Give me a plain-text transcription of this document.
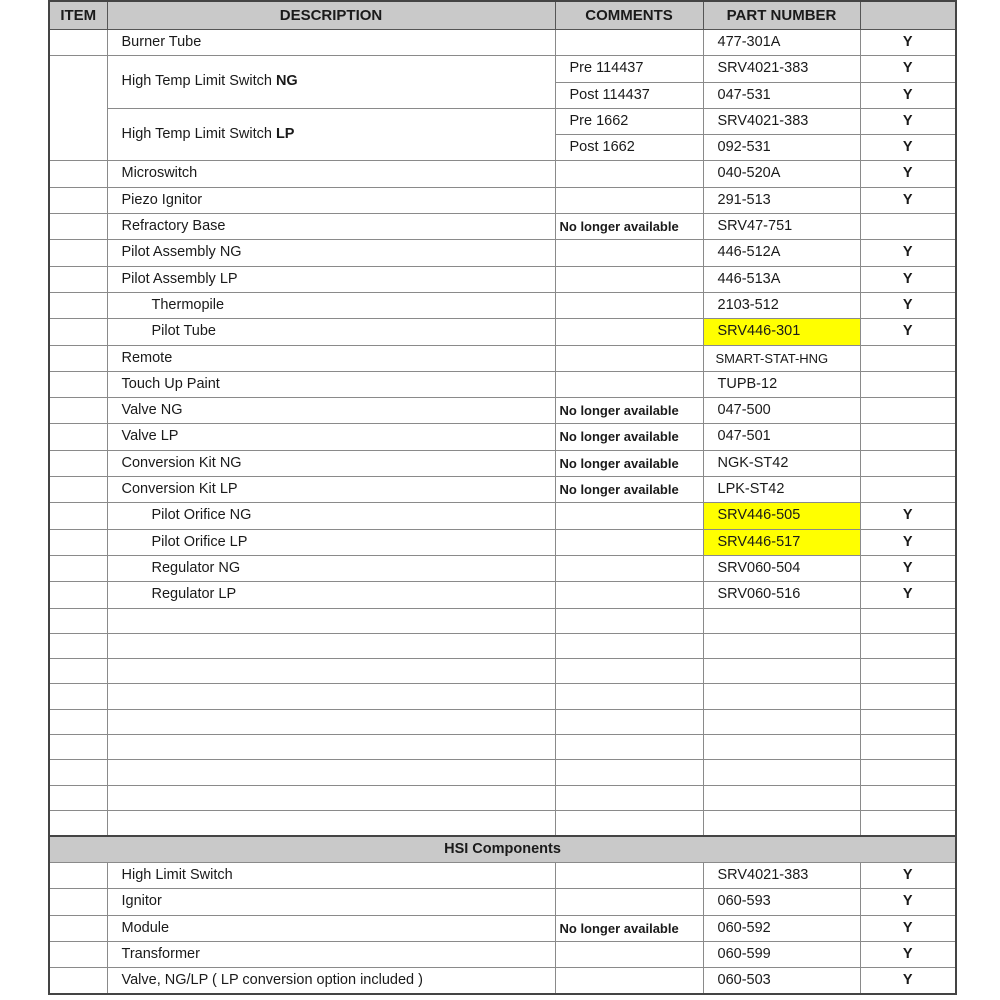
ITEM	DESCRIPTION	COMMENTS	PART NUMBER	
	Burner Tube		477-301A	Y
	High Temp Limit Switch NG	Pre 114437	SRV4021-383	Y
		Post 114437	047-531	Y
	High Temp Limit Switch LP	Pre 1662	SRV4021-383	Y
		Post 1662	092-531	Y
	Microswitch		040-520A	Y
	Piezo Ignitor		291-513	Y
	Refractory Base	No longer available	SRV47-751	
	Pilot Assembly NG		446-512A	Y
	Pilot Assembly LP		446-513A	Y
	Thermopile		2103-512	Y
	Pilot Tube		SRV446-301	Y
	Remote		SMART-STAT-HNG	
	Touch Up Paint		TUPB-12	
	Valve NG	No longer available	047-500	
	Valve LP	No longer available	047-501	
	Conversion Kit NG	No longer available	NGK-ST42	
	Conversion Kit LP	No longer available	LPK-ST42	
	Pilot Orifice NG		SRV446-505	Y
	Pilot Orifice LP		SRV446-517	Y
	Regulator NG		SRV060-504	Y
	Regulator LP		SRV060-516	Y

HSI Components				
	High Limit Switch		SRV4021-383	Y
	Ignitor		060-593	Y
	Module	No longer available	060-592	Y
	Transformer		060-599	Y
	Valve, NG/LP ( LP conversion option included )		060-503	Y
